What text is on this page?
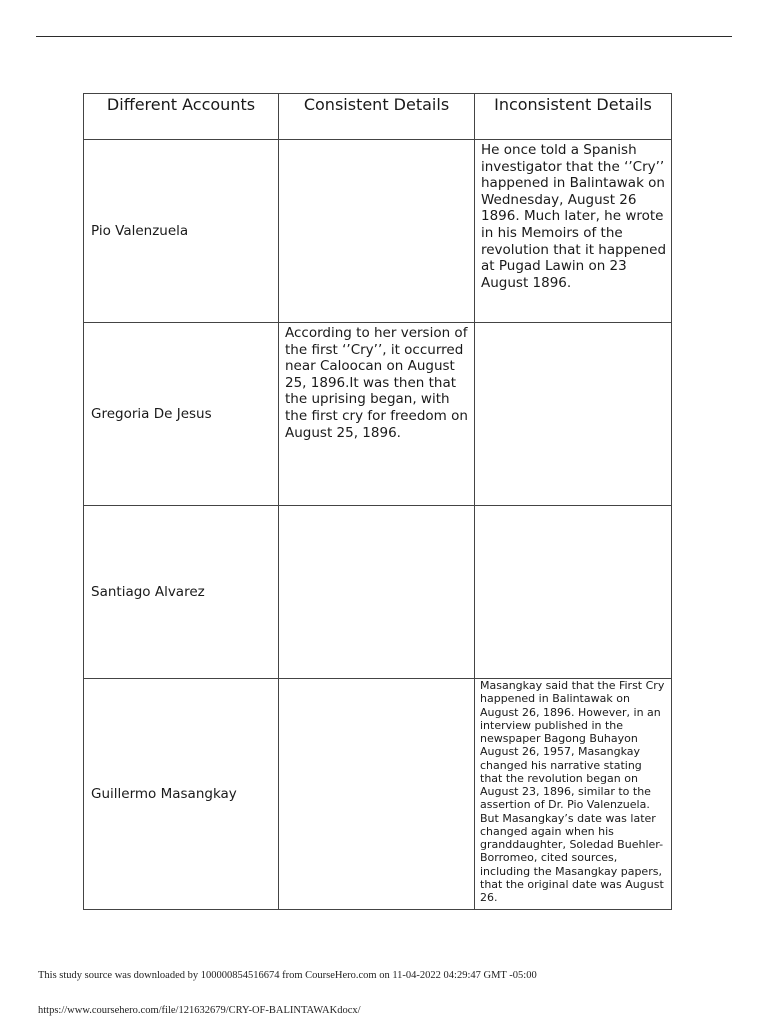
Different Accounts	Consistent Details	Inconsistent Details
Pio Valenzuela		He once told a Spanish investigator that the ‘’Cry’’ happened in Balintawak on Wednesday, August 26 1896. Much later, he wrote in his Memoirs of the revolution that it happened at Pugad Lawin on 23 August 1896.

Gregoria De Jesus	According to her version of the first ‘’Cry’’, it occurred near Caloocan on August 25, 1896.It was then that the uprising began, with the first cry for freedom on August 25, 1896.	

Santiago Alvarez	

Guillermo Masangkay		Masangkay said that the First Cry happened in Balintawak on August 26, 1896. However, in an interview published in the newspaper Bagong Buhayon August 26, 1957, Masangkay changed his narrative stating that the revolution began on August 23, 1896, similar to the assertion of Dr. Pio Valenzuela. But Masangkay’s date was later changed again when his granddaughter, Soledad Buehler- Borromeo, cited sources, including the Masangkay papers, that the original date was August 26.
This study source was downloaded by 100000854516674 from CourseHero.com on 11-04-2022 04:29:47 GMT -05:00
https://www.coursehero.com/file/121632679/CRY-OF-BALINTAWAKdocx/
